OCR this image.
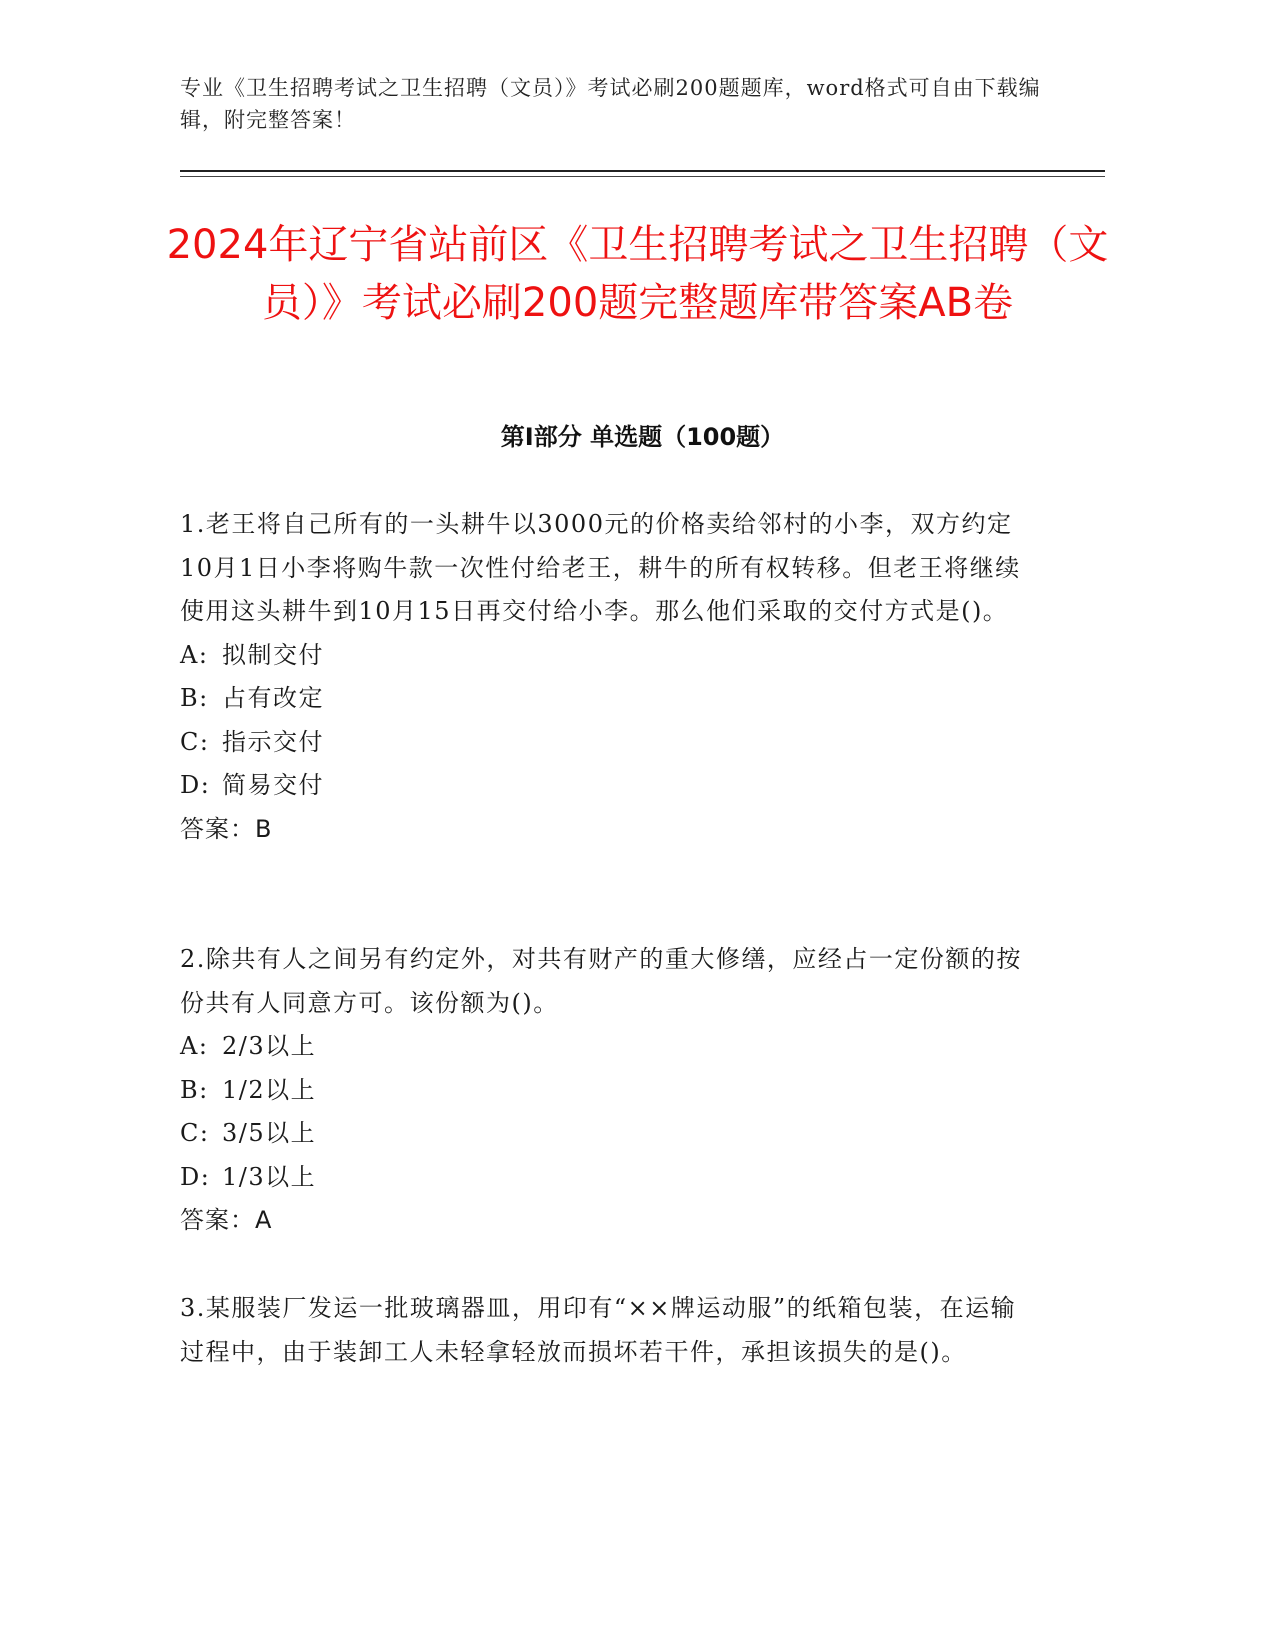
专业《卫生招聘考试之卫生招聘（文员）》考试必刷200题题库，word格式可自由下载编辑，附完整答案！
2024年辽宁省站前区《卫生招聘考试之卫生招聘（文员）》考试必刷200题完整题库带答案AB卷
第Ⅰ部分 单选题（100题）
1.老王将自己所有的一头耕牛以3000元的价格卖给邻村的小李，双方约定10月1日小李将购牛款一次性付给老王，耕牛的所有权转移。但老王将继续使用这头耕牛到10月15日再交付给小李。那么他们采取的交付方式是()。
A: 拟制交付
B: 占有改定
C: 指示交付
D: 简易交付
答案：B
2.除共有人之间另有约定外，对共有财产的重大修缮，应经占一定份额的按份共有人同意方可。该份额为()。
A: 2/3以上
B: 1/2以上
C: 3/5以上
D: 1/3以上
答案：A
3.某服装厂发运一批玻璃器皿，用印有“××牌运动服”的纸箱包装，在运输过程中，由于装卸工人未轻拿轻放而损坏若干件，承担该损失的是()。
